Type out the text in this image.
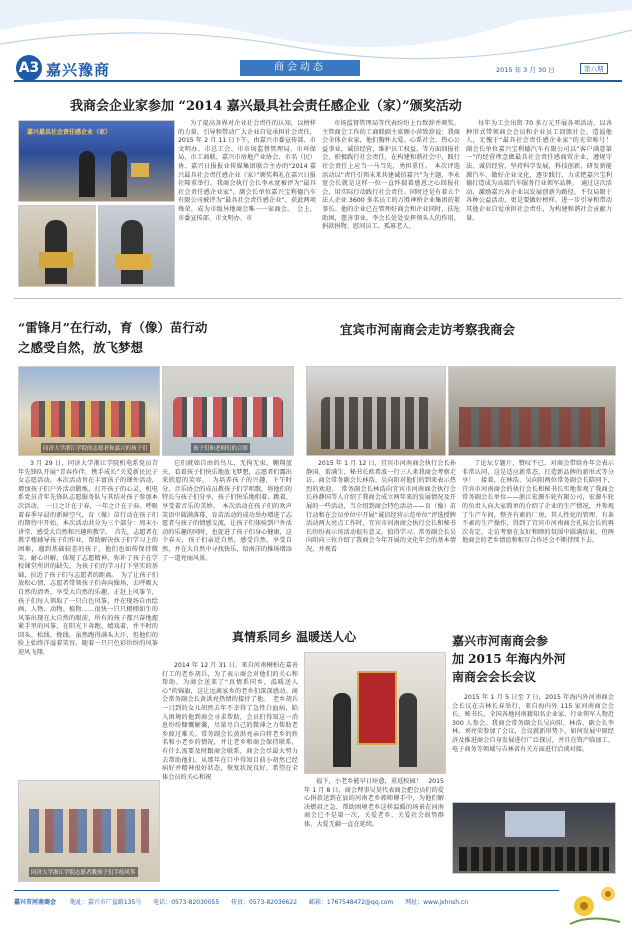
A3 嘉兴豫商	商会动态	2015 年 3 月 30 日	第六期
我商会企业家参加 “2014 嘉兴最具社会责任感企业（家）”颁奖活动
嘉兴最具社会责任感企业（家）

为了提高各界对企业社会责任的认知，以榜样的力量，引导和带动广大企业自觉承担社会责任，2015 年 2 月 11 日下午，由嘉兴市委宣传部、市文明办、市总工会、市市场监督管理局、市环保局、市工商联、嘉兴市房地产业协会、市名（民）协、嘉兴日报报业传媒集团联合主办的“2014 嘉兴最具社会责任感企业（家）”颁奖典礼在嘉兴日报社隆重举行。我商会执行会长李永宽被评为“最具社会责任感企业家”，副会长单位嘉兴宝利德汽车有限公司被评为“最具社会责任感企业”，获此两项殊荣，成为市级异地商会唯一一家商会。　会上，市委宣传部、市文明办、市

市场监督管理局等代表纷纷上台致辞并颁奖。主管商会工作的工商联副主席顾小萍致辞说：我商会全体企业家，他们胸怀大爱、心系社会，热心公益事业，诚信经营、维护员工权益，等方面回报社会、积极践行社会责任，在构建和谐社会中，践行社会责任上应当一马当先，勇担重任。　本次评选活动以“责任引领未来共建诚信嘉兴”为主题，李永宽会长就是这样一位一直怀揣着感恩之心回报社会，用实际行动践行社会责任。同时还是有着五个法人企业 3600 多名员工的万胜神桥企业集团的董事长。他的企业已在管理好商会和企业同时，扶危助困，慈善事业，李会长处处发挥领头人的作用，捐款捐物、慰问员工、孤寡老人、

每年为工会出资 70 多万元开展各项活动，以各种形式带领商会会员和企业员工回馈社会，造福他人，无愧于“最具社会责任感企业家”的光荣称号！　副会长单位嘉兴宝利德汽车有限公司以“客户满意第一”的经营理念做最具社会责任感商贸企业，遵规守法、诚信经营，坚持科学发展，科技创新，研发新能源汽车，做好企业文化，逐步践行，力求把嘉兴宝利德打造成为高端汽车服务行业领军品牌。　通过这次活动，激励嘉兴各企业以发展创新为路径，不仅局限于各种公益活动，更是要做好榜样，进一步引导和带动其他企业自觉承担社会责任，为构建和谐社会贡献力量。

“雷锋月”在行动，育（像）苗行动
之感受自然，放飞梦想
同济大学浙江学院的志愿者和嘉兴的孩子们	孩子们和老师们的合影

3 月 29 日，同济大学浙江学院机电系党员青年先锋队开展“青春作伴，携手成长”关爱新民民子女志愿活动。本次活动旨在丰富孩子的课外活动，增加孩子们户外活动锻炼，打开孩子的心灵，机电系党员青年先锋队志愿服务队与其结对孩子参加本次活动。　一日之计在于春，一年之计在于春。呼吸着春季早晨的新鲜空气，育（像）苗行动在孩子们的期待中开始，本次活动共分为三个部分：周末小讲堂、感受大自然和兴趣班教学。　首先，志愿者在教学楼辅导孩子们作业，帮助解决孩子们学习上的困难，遇到基础较差的孩子，他们也如传保持微笑，耐心讲解，体现了志愿精神，弥补了孩子在学校课堂所讲的缺失，为孩子们的学习打下坚实的基础，拉近了孩子们与志愿者的距离。　为了让孩子们放松心情，志愿者带领孩子们奔向操场，去呼吸大自然的清香，享受大自然的乐趣，正赶上风筝节，孩子们每人领取了一只白色风筝，并在现场自由绘画，人物、动物、植物……很快一只只栩栩如生的风筝出现在大自然的眼前，所有的孩子都兴奋地握紧手里的风筝，在阳光下奔跑、嬉戏着，并不时的回头、松线、挽线。虽然跑得满头大汗，但他们的脸上始终洋溢着笑容，随着一只只色彩纷纷的风筝迎风飞翔，

它们就如自由的鸟儿，无拘无束，翱翔蓝天，看着孩子们快乐地放飞梦想，志愿者们露出来欣慰的笑容。　为培养孩子的兴趣，下午时分，音乐协会的成员教孩子们学唱歌，将他们的特长与孩子们分享，孩子们快乐地唱着，跳着，享受着音乐的美妙。　本次活动在孩子们的欢声笑语中圆满落幕，育苗活动的成功举办增进了志愿者与孩子的情感交流，让孩子们体验到户外活动的乐趣的同时，也促进了孩子们身心健康，这个春天，孩子们亲近自然，感受自然，享受自然，并在大自然中寻找快乐，给南洋的推场增添了一道亮丽风景。

同济大学浙江学院志愿者教孩子们手绘风筝
宜宾市河南商会走访考察我商会

2015 年 1 月 12 日，宜宾市河南商会执行会长孙静国、雷满生、秘书长欧希波一行三人来我商会考察走访，商会常务副会长林浩、吴向阳对他们的到来表示热烈的欢迎。　常务副会长林浩向宜宾市河南商会执行会长孙静国等人介绍了我商会成立两年来的发展情况及开展的一些活动，当介绍到商会特色活动——育（像）苗行动和在会员单位中开展“诚信经营示范单位”评选授牌活动两大亮点工作时，宜宾市河南商会执行会长和秘书长纷纷表示该活动很有意义，值得学习。常务副会长吴向阳向三位介绍了我商会今年开展的文化年会的基本情况，并观看

了论坛专题片，赞叹不已，对商会带给办年会表示非常认同，这是适应新常态，打造新品牌的新形式等分享！　接着，在林浩、吴向阳两位常务副会长陪同下，宜宾市河南商会的执行会长和秘书长实地参观了我商会常务副会长单位——浙江宏源车轮有限公司，宏源车轮的负责人向大家简单的介绍了企业的生产情况，并参观了生产车间，整齐有素的厂房，其人性化的管理、有条不紊的生产操作，得到了宜宾市河南商会孔际会长的再次肯定，走访考察在友好和睦的氛围中圆满结束，但两地商会的老乡情谊和相互合作还会不断持续下去。

真情系同乡 温暖送人心

2014 年 12 月 31 日，来自河南桐柏在嘉善打工的老乡胡兵，为了表示商会对他们的关心和帮助，为商会送来了“真情系同乡，温暖送人心”的锦旗，这让远离家乡的老乡们深深感动。商会常务副会长黄洪亮热情的接待了他。　老乡胡兵一日到的女儿胡然去年不幸得了急性白血病，陷入困境的他到商会寻求帮助，会员们得知这一消息纷纷慷慨解囊，尽量尽自己的微薄之力帮助老乡渡过难关。常务副会长黄洪亮亲自将老乡的姓名和小老乡的情况，并让老乡和商会保持联系，有什么需要及时跟商会联系，商会会尽最大努力去帮助他们。从那年在口中得知目前小胡然已经病好并精神很好状态，恢复状况良好，希望在全体会员的关心和祝

福下，小老乡能早日痊愈，重返校园！　2015 年 1 月 8 日，商会理事吴昊代表商会把会员们的爱心捐款送到在县的河南老乡郭师傅手中，为他们解决燃眉之急，帮助困境老乡这样温暖的场景在河南商会已不是第一次，关爱老乡、关爱社会弱势群体、大爱无疆一直在延续。

嘉兴市河南商会参
加 2015 年海内外河
南商会会长会议

2015 年 1 月 5 日至 7 日，2015 年海内外河南商会会长议在吉林长春举行，来自海内外 115 家河南商会会长、秘书长、全国各地河南籍知名企业家、行业领军人物近 300 人参会。我商会常务副会长吴向阳、林浩、副会长李林、刘亮荣参加了会议，会议就新形势下，如何发展中原经济及推进商会自身发展进行广泛探讨，并且在资产临加工、电子商务等领域与吉林省有关方面进行洽谈对接。

嘉兴市河南商会 地址：嘉兴市广益路135号 电话：0573-82030055 传真：0573-82036622 邮箱：1767548472@qq.com 网址：www.jxhnsh.cn
